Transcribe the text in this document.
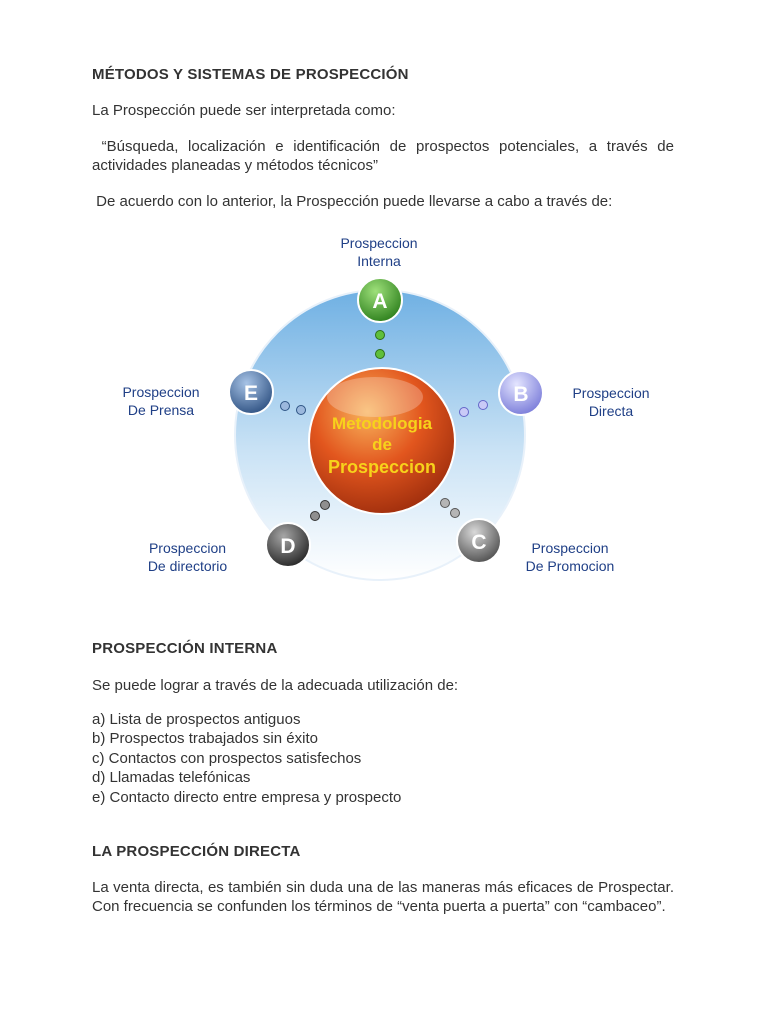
MÉTODOS Y SISTEMAS DE PROSPECCIÓN

La Prospección puede ser interpretada como:

“Búsqueda, localización e identificación de prospectos potenciales, a través de actividades planeadas y métodos técnicos”

De acuerdo con lo anterior, la Prospección puede llevarse a cabo a través de:

Metodologia
de
Prospeccion
A
B
C
D
E
Prospeccion
Interna
Prospeccion
Directa
Prospeccion
De Promocion
Prospeccion
De directorio
Prospeccion
De Prensa
PROSPECCIÓN INTERNA

Se puede lograr a través de la adecuada utilización de:

a) Lista de prospectos antiguos
b) Prospectos trabajados sin éxito
c) Contactos con prospectos satisfechos
d) Llamadas telefónicas
e) Contacto directo entre empresa y prospecto
LA PROSPECCIÓN DIRECTA

La venta directa, es también sin duda una de las maneras más eficaces de Prospectar. Con frecuencia se confunden los términos de “venta puerta a puerta” con “cambaceo”.
